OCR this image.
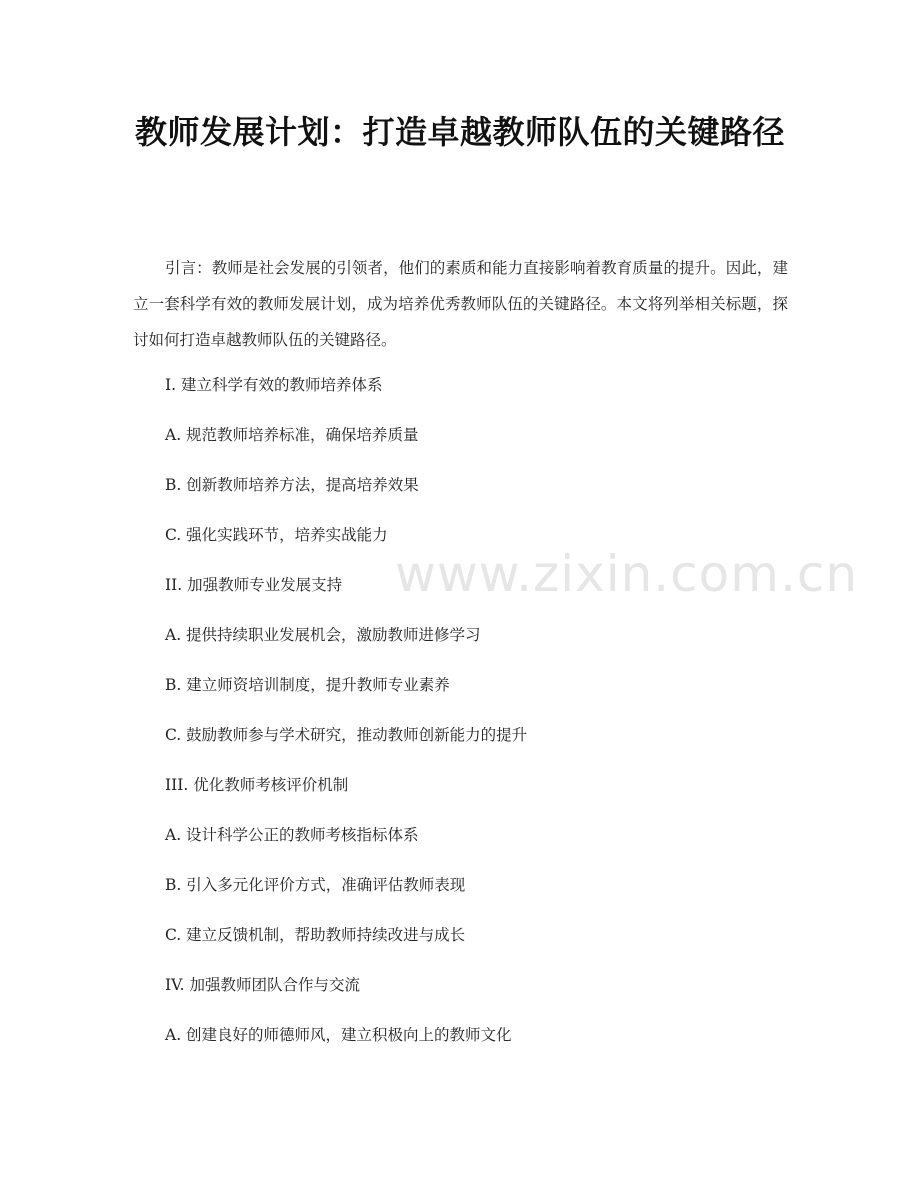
教师发展计划：打造卓越教师队伍的关键路径

引言：教师是社会发展的引领者，他们的素质和能力直接影响着教育质量的提升。因此，建立一套科学有效的教师发展计划，成为培养优秀教师队伍的关键路径。本文将列举相关标题，探讨如何打造卓越教师队伍的关键路径。

I. 建立科学有效的教师培养体系
A. 规范教师培养标准，确保培养质量
B. 创新教师培养方法，提高培养效果
C. 强化实践环节，培养实战能力
II. 加强教师专业发展支持
A. 提供持续职业发展机会，激励教师进修学习
B. 建立师资培训制度，提升教师专业素养
C. 鼓励教师参与学术研究，推动教师创新能力的提升
III. 优化教师考核评价机制
A. 设计科学公正的教师考核指标体系
B. 引入多元化评价方式，准确评估教师表现
C. 建立反馈机制，帮助教师持续改进与成长
IV. 加强教师团队合作与交流
A. 创建良好的师德师风，建立积极向上的教师文化
www.zixin.com.cn
